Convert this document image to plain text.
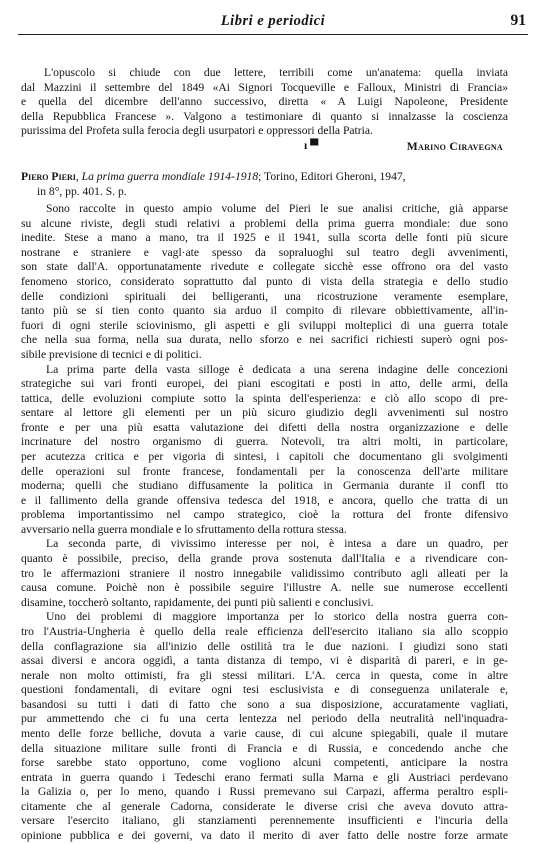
Libri e periodici	91
L'opuscolo si chiude con due lettere, terribili come un'anatema: quella inviata
dal Mazzini il settembre del 1849 «Ai Signori Tocqueville e Falloux, Ministri di Francia»
e quella del dicembre dell'anno successivo, diretta « A Luigi Napoleone, Presidente
della Repubblica Francese ». Valgono a testimoniare di quanto si innalzasse la coscienza
purissima del Profeta sulla ferocia degli usurpatori e oppressori della Patria.
ı ▀	Marino Ciravegna
Piero Pieri, La prima guerra mondiale 1914-1918; Torino, Editori Gheroni, 1947,
in 8°, pp. 401. S. p.
Sono raccolte in questo ampio volume del Pieri le sue analisi critiche, già apparse
su alcune riviste, degli studi relativi a problemi della prima guerra mondiale: due sono
inedite. Stese a mano a mano, tra il 1925 e il 1941, sulla scorta delle fonti più sicure
nostrane e straniere e vagl·ate spesso da sopraluoghi sul teatro degli avvenimenti,
son state dall'A. opportunatamente rivedute e collegate sicchè esse offrono ora del vasto
fenomeno storico, considerato soprattutto dal punto di vista della strategia e dello studio
delle condizioni spirituali dei belligeranti, una ricostruzione veramente esemplare,
tanto più se si tien conto quanto sia arduo il compito di rilevare obbiettivamente, all'in-
fuori di ogni sterile sciovinismo, gli aspetti e gli sviluppi molteplici di una guerra totale
che nella sua forma, nella sua durata, nello sforzo e nei sacrifici richiesti superò ogni pos-
sibile previsione di tecnici e di politici.
La prima parte della vasta silloge è dedicata a una serena indagine delle concezioni
strategiche sui vari fronti europei, dei piani escogitati e posti in atto, delle armi, della
tattica, delle evoluzioni compiute sotto la spinta dell'esperienza: e ciò allo scopo di pre-
sentare al lettore gli elementi per un più sicuro giudizio degli avvenimenti sul nostro
fronte e per una più esatta valutazione dei difetti della nostra organizzazione e delle
incrinature del nostro organismo di guerra. Notevoli, tra altri molti, in particolare,
per acutezza critica e per vigoria di sintesi, i capitoli che documentano gli svolgimenti
delle operazioni sul fronte francese, fondamentali per la conoscenza dell'arte militare
moderna; quelli che studiano diffusamente la politica in Germania durante il confl tto
e il fallimento della grande offensiva tedesca del 1918, e ancora, quello che tratta di un
problema importantissimo nel campo strategico, cioè la rottura del fronte difensivo
avversario nella guerra mondiale e lo sfruttamento della rottura stessa.
La seconda parte, di vivissimo interesse per noi, è intesa a dare un quadro, per
quanto è possibile, preciso, della grande prova sostenuta dall'Italia e a rivendicare con-
tro le affermazioni straniere il nostro innegabile validissimo contributo agli alleati per la
causa comune. Poichè non è possibile seguire l'illustre A. nelle sue numerose eccellenti
disamine, toccherò soltanto, rapidamente, dei punti più salienti e conclusivi.
Uno dei problemi di maggiore importanza per lo storico della nostra guerra con-
tro l'Austria-Ungheria è quello della reale efficienza dell'esercito italiano sia allo scoppio
della conflagrazione sia all'inizio delle ostilità tra le due nazioni. I giudizi sono stati
assai diversi e ancora oggidì, a tanta distanza di tempo, vi è disparità di pareri, e in ge-
nerale non molto ottimisti, fra gli stessi militari. L'A. cerca in questa, come in altre
questioni fondamentali, di evitare ogni tesi esclusivista e di conseguenza unilaterale e,
basandosi su tutti i dati di fatto che sono a sua disposizione, accuratamente vagliati,
pur ammettendo che ci fu una certa lentezza nel periodo della neutralità nell'inquadra-
mento delle forze belliche, dovuta a varie cause, di cui alcune spiegabili, quale il mutare
della situazione militare sulle fronti di Francia e di Russia, e concedendo anche che
forse sarebbe stato opportuno, come vogliono alcuni competenti, anticipare la nostra
entrata in guerra quando i Tedeschi erano fermati sulla Marna e gli Austriaci perdevano
la Galizia o, per lo meno, quando i Russi premevano sui Carpazi, afferma peraltro espli-
citamente che al generale Cadorna, considerate le diverse crisi che aveva dovuto attra-
versare l'esercito italiano, gli stanziamenti perennemente insufficienti e l'incuria della
opinione pubblica e dei governi, va dato il merito di aver fatto delle nostre forze armate
